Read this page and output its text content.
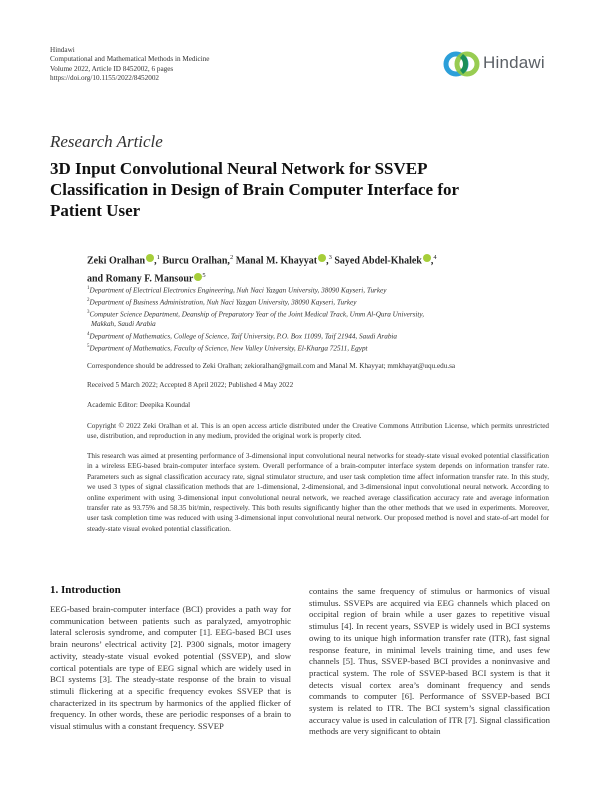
Hindawi
Computational and Mathematical Methods in Medicine
Volume 2022, Article ID 8452002, 6 pages
https://doi.org/10.1155/2022/8452002
Hindawi
Research Article
3D Input Convolutional Neural Network for SSVEP Classification in Design of Brain Computer Interface for Patient User
Zeki Oralhan ,$^1$ Burcu Oralhan,$^2$ Manal M. Khayyat ,$^3$ Sayed Abdel-Khalek ,$^4$
and Romany F. Mansour $^5$
$^1$Department of Electrical Electronics Engineering, Nuh Naci Yazgan University, 38090 Kayseri, Turkey
$^2$Department of Business Administration, Nuh Naci Yazgan University, 38090 Kayseri, Turkey
$^3$Computer Science Department, Deanship of Preparatory Year of the Joint Medical Track, Umm Al-Qura University,
Makkah, Saudi Arabia
$^4$Department of Mathematics, College of Science, Taif University, P.O. Box 11099, Taif 21944, Saudi Arabia
$^5$Department of Mathematics, Faculty of Science, New Valley University, El-Kharga 72511, Egypt
Correspondence should be addressed to Zeki Oralhan; zekioralhan@gmail.com and Manal M. Khayyat; mmkhayat@uqu.edu.sa
Received 5 March 2022; Accepted 8 April 2022; Published 4 May 2022
Academic Editor: Deepika Koundal
Copyright © 2022 Zeki Oralhan et al. This is an open access article distributed under the Creative Commons Attribution License, which permits unrestricted use, distribution, and reproduction in any medium, provided the original work is properly cited.
This research was aimed at presenting performance of 3-dimensional input convolutional neural networks for steady-state visual evoked potential classification in a wireless EEG-based brain-computer interface system. Overall performance of a brain-computer interface system depends on information transfer rate. Parameters such as signal classification accuracy rate, signal stimulator structure, and user task completion time affect information transfer rate. In this study, we used 3 types of signal classification methods that are 1-dimensional, 2-dimensional, and 3-dimensional input convolutional neural network. According to online experiment with using 3-dimensional input convolutional neural network, we reached average classification accuracy rate and average information transfer rate as 93.75% and 58.35 bit/min, respectively. This both results significantly higher than the other methods that we used in experiments. Moreover, user task completion time was reduced with using 3-dimensional input convolutional neural network. Our proposed method is novel and state-of-art model for steady-state visual evoked potential classification.
1. Introduction
EEG-based brain-computer interface (BCI) provides a path way for communication between patients such as paralyzed, amyotrophic lateral sclerosis syndrome, and computer [1]. EEG-based BCI uses brain neurons’ electrical activity [2]. P300 signals, motor imagery activity, steady-state visual evoked potential (SSVEP), and slow cortical potentials are type of EEG signal which are widely used in BCI systems [3]. The steady-state response of the brain to visual stimuli flickering at a specific frequency evokes SSVEP that is characterized in its spectrum by harmonics of the applied flicker of frequency. In other words, these are periodic responses of a brain to visual stimulus with a constant frequency. SSVEP
contains the same frequency of stimulus or harmonics of visual stimulus. SSVEPs are acquired via EEG channels which placed on occipital region of brain while a user gazes to repetitive visual stimulus [4]. In recent years, SSVEP is widely used in BCI systems owing to its unique high information transfer rate (ITR), fast signal response feature, in minimal levels training time, and uses few channels [5]. Thus, SSVEP-based BCI provides a noninvasive and practical system. The role of SSVEP-based BCI system is that it detects visual cortex area’s dominant frequency and sends commands to computer [6]. Performance of SSVEP-based BCI system is related to ITR. The BCI system’s signal classification accuracy value is used in calculation of ITR [7]. Signal classification methods are very significant to obtain
